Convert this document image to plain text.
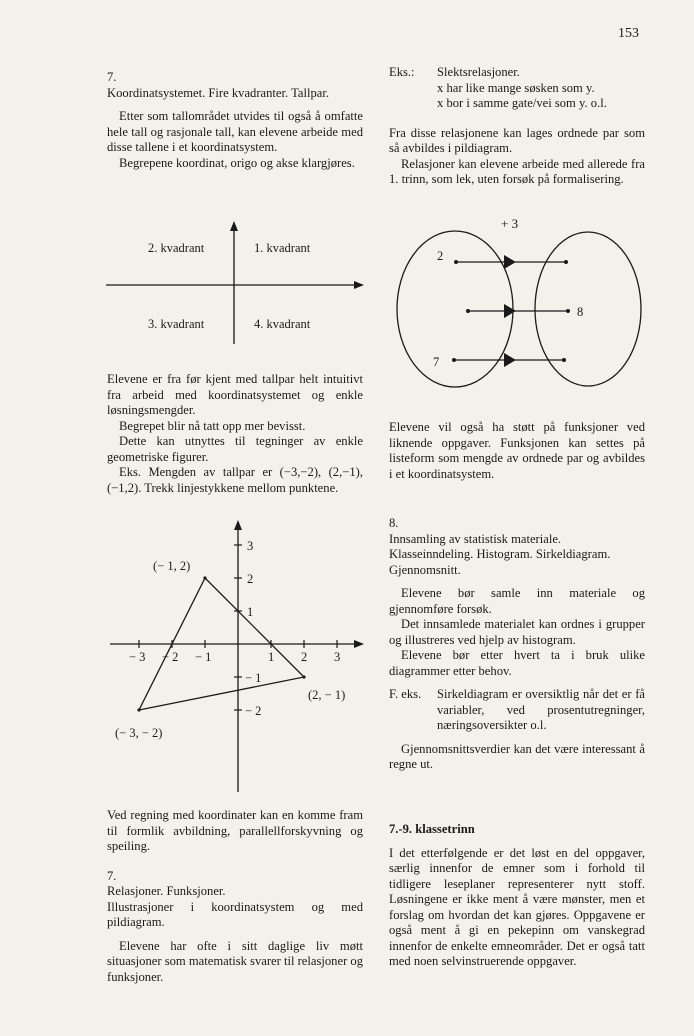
153

7.

Koordinatsystemet. Fire kvadranter. Tallpar.

Etter som tallområdet utvides til også å omfatte hele tall og rasjonale tall, kan elevene arbeide med disse tallene i et koordinatsystem.

Begrepene koordinat, origo og akse klargjøres.

2. kvadrant	1. kvadrant
3. kvadrant	4. kvadrant

Elevene er fra før kjent med tallpar helt intuitivt fra arbeid med koordinatsystemet og enkle løsningsmengder.

Begrepet blir nå tatt opp mer bevisst.

Dette kan utnyttes til tegninger av enkle geometriske figurer.

Eks. Mengden av tallpar er (−3,−2), (2,−1), (−1,2). Trekk linjestykkene mellom punktene.

− 3 − 2 − 1	1 2 3
3
2
1
− 1
− 2
(− 1, 2)
(2, − 1)
(− 3, − 2)

Ved regning med koordinater kan en komme fram til formlik avbildning, parallellforskyvning og speiling.

7.

Relasjoner. Funksjoner.

Illustrasjoner i koordinatsystem og med pildiagram.

Elevene har ofte i sitt daglige liv møtt situasjoner som matematisk svarer til relasjoner og funksjoner.

Eks.:	Slektsrelasjoner.

x har like mange søsken som y.

x bor i samme gate/vei som y. o.l.

Fra disse relasjonene kan lages ordnede par som så avbildes i pildiagram.

Relasjoner kan elevene arbeide med allerede fra 1. trinn, som lek, uten forsøk på formalisering.

+ 3
2
7
8

Elevene vil også ha støtt på funksjoner ved liknende oppgaver. Funksjonen kan settes på listeform som mengde av ordnede par og avbildes i et koordinatsystem.

8.

Innsamling av statistisk materiale.

Klasseinndeling. Histogram. Sirkeldiagram.

Gjennomsnitt.

Elevene bør samle inn materiale og gjennomføre forsøk.

Det innsamlede materialet kan ordnes i grupper og illustreres ved hjelp av histogram.

Elevene bør etter hvert ta i bruk ulike diagrammer etter behov.

F. eks.	Sirkeldiagram er oversiktlig når det er få variabler, ved prosentutregninger, næringsoversikter o.l.

Gjennomsnittsverdier kan det være interessant å regne ut.

7.-9. klassetrinn

I det etterfølgende er det løst en del oppgaver, særlig innenfor de emner som i forhold til tidligere leseplaner representerer nytt stoff. Løsningene er ikke ment å være mønster, men et forslag om hvordan det kan gjøres. Oppgavene er også ment å gi en pekepinn om vanskegrad innenfor de enkelte emneområder. Det er også tatt med noen selvinstruerende oppgaver.
